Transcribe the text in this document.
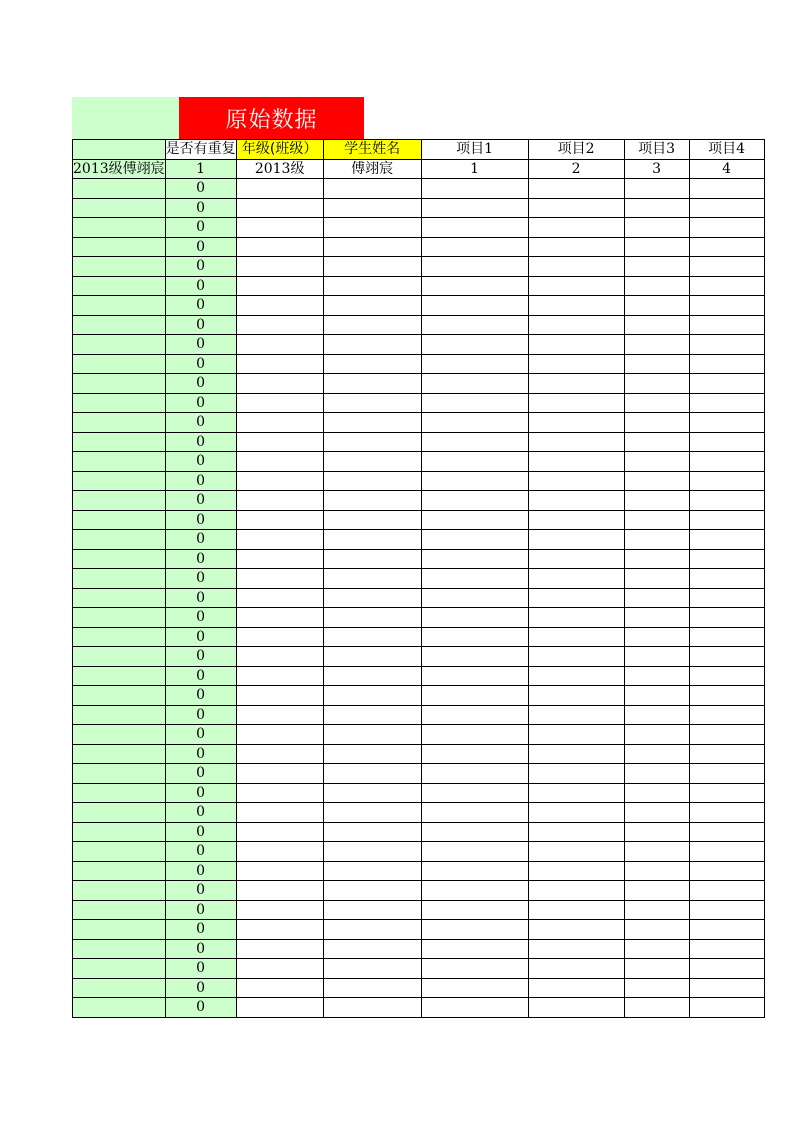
原始数据
	是否有重复	年级(班级）	学生姓名	项目1	项目2	项目3	项目4
2013级傅翊宸	1	2013级	傅翊宸	1	2	3	4
	0						
	0						
	0						
	0						
	0						
	0						
	0						
	0						
	0						
	0						
	0						
	0						
	0						
	0						
	0						
	0						
	0						
	0						
	0						
	0						
	0						
	0						
	0						
	0						
	0						
	0						
	0						
	0						
	0						
	0						
	0						
	0						
	0						
	0						
	0						
	0						
	0						
	0						
	0						
	0						
	0						
	0						
	0						
